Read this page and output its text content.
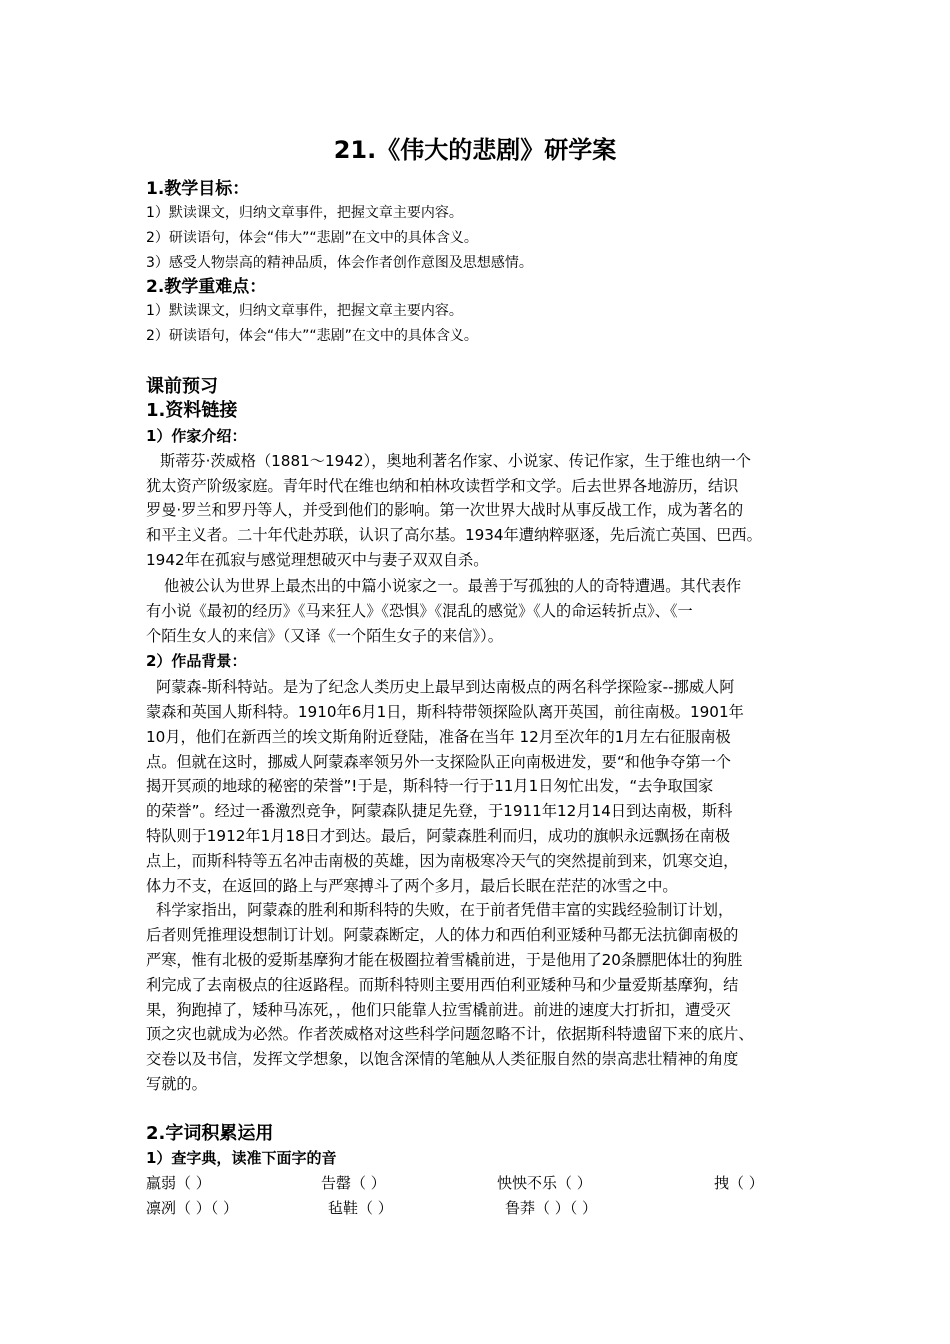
21.《伟大的悲剧》研学案
1.教学目标：
1）默读课文，归纳文章事件，把握文章主要内容。
2）研读语句，体会“伟大”“悲剧”在文中的具体含义。
3）感受人物崇高的精神品质，体会作者创作意图及思想感情。
2.教学重难点：
1）默读课文，归纳文章事件，把握文章主要内容。
2）研读语句，体会“伟大”“悲剧”在文中的具体含义。
课前预习
1.资料链接
1）作家介绍：
斯蒂芬·茨威格（1881～1942），奥地利著名作家、小说家、传记作家，生于维也纳一个
犹太资产阶级家庭。青年时代在维也纳和柏林攻读哲学和文学。后去世界各地游历，结识
罗曼·罗兰和罗丹等人，并受到他们的影响。第一次世界大战时从事反战工作，成为著名的
和平主义者。二十年代赴苏联，认识了高尔基。1934年遭纳粹驱逐，先后流亡英国、巴西。
1942年在孤寂与感觉理想破灭中与妻子双双自杀。
他被公认为世界上最杰出的中篇小说家之一。最善于写孤独的人的奇特遭遇。其代表作
有小说《最初的经历》《马来狂人》《恐惧》《混乱的感觉》《人的命运转折点》、《一
个陌生女人的来信》（又译《一个陌生女子的来信》）。
2）作品背景：
阿蒙森-斯科特站。是为了纪念人类历史上最早到达南极点的两名科学探险家--挪威人阿
蒙森和英国人斯科特。1910年6月1日，斯科特带领探险队离开英国，前往南极。1901年
10月，他们在新西兰的埃文斯角附近登陆，准备在当年 12月至次年的1月左右征服南极
点。但就在这时，挪威人阿蒙森率领另外一支探险队正向南极进发，要“和他争夺第一个
揭开冥顽的地球的秘密的荣誉”!于是，斯科特一行于11月1日匆忙出发，“去争取国家
的荣誉”。经过一番激烈竞争，阿蒙森队捷足先登，于1911年12月14日到达南极，斯科
特队则于1912年1月18日才到达。最后，阿蒙森胜利而归，成功的旗帜永远飘扬在南极
点上，而斯科特等五名冲击南极的英雄，因为南极寒冷天气的突然提前到来，饥寒交迫，
体力不支，在返回的路上与严寒搏斗了两个多月，最后长眠在茫茫的冰雪之中。
科学家指出，阿蒙森的胜利和斯科特的失败，在于前者凭借丰富的实践经验制订计划，
后者则凭推理设想制订计划。阿蒙森断定，人的体力和西伯利亚矮种马都无法抗御南极的
严寒，惟有北极的爱斯基摩狗才能在极圈拉着雪橇前进，于是他用了20条膘肥体壮的狗胜
利完成了去南极点的往返路程。而斯科特则主要用西伯利亚矮种马和少量爱斯基摩狗，结
果，狗跑掉了，矮种马冻死，，他们只能靠人拉雪橇前进。前进的速度大打折扣，遭受灭
顶之灾也就成为必然。作者茨威格对这些科学问题忽略不计，依据斯科特遗留下来的底片、
交卷以及书信，发挥文学想象，以饱含深情的笔触从人类征服自然的崇高悲壮精神的角度
写就的。
2.字词积累运用
1）查字典，读准下面字的音
羸弱（ ）	告罄（ ）	怏怏不乐（ ）	拽（ ）
凛冽（ ）（ ）	毡鞋（ ）	鲁莽（ ）（ ）
